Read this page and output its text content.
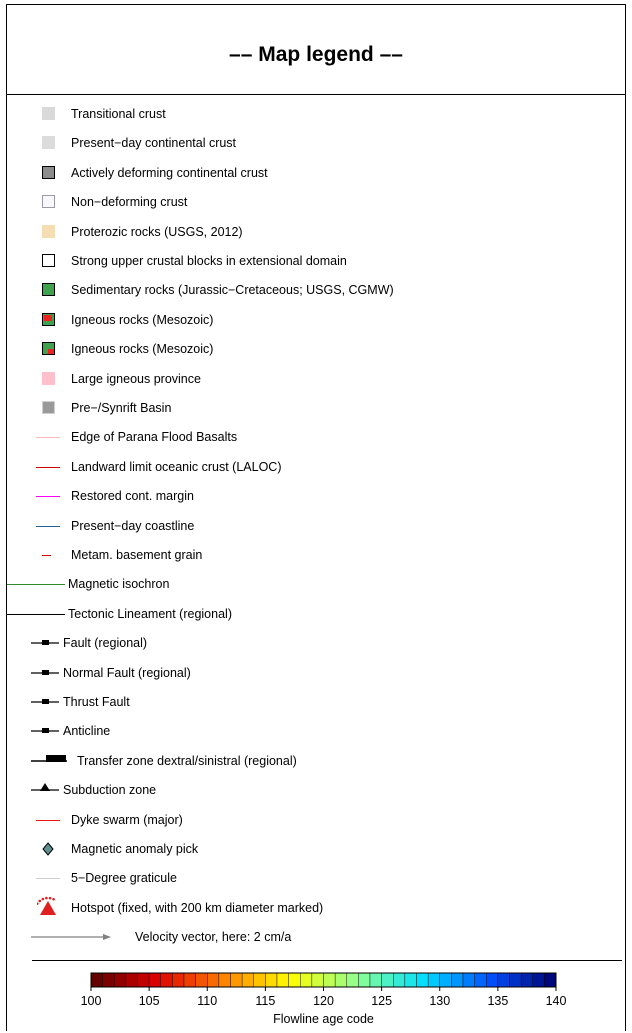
–– Map legend ––
Transitional crust
Present−day continental crust
Actively deforming continental crust
Non−deforming crust
Proterozic rocks (USGS, 2012)
Strong upper crustal blocks in extensional domain
Sedimentary rocks (Jurassic−Cretaceous; USGS, CGMW)
Igneous rocks (Mesozoic)
Igneous rocks (Mesozoic)
Large igneous province
Pre−/Synrift Basin
Edge of Parana Flood Basalts
Landward limit oceanic crust (LALOC)
Restored cont. margin
Present−day coastline
Metam. basement grain
Magnetic isochron
Tectonic Lineament (regional)
Fault (regional)
Normal Fault (regional)
Thrust Fault
Anticline
Transfer zone dextral/sinistral (regional)
Subduction zone
Dyke swarm (major)
Magnetic anomaly pick
5−Degree graticule
Hotspot (fixed, with 200 km diameter marked)
Velocity vector, here: 2 cm/a
100	105	110	115	120	125	130	135	140
Flowline age code
